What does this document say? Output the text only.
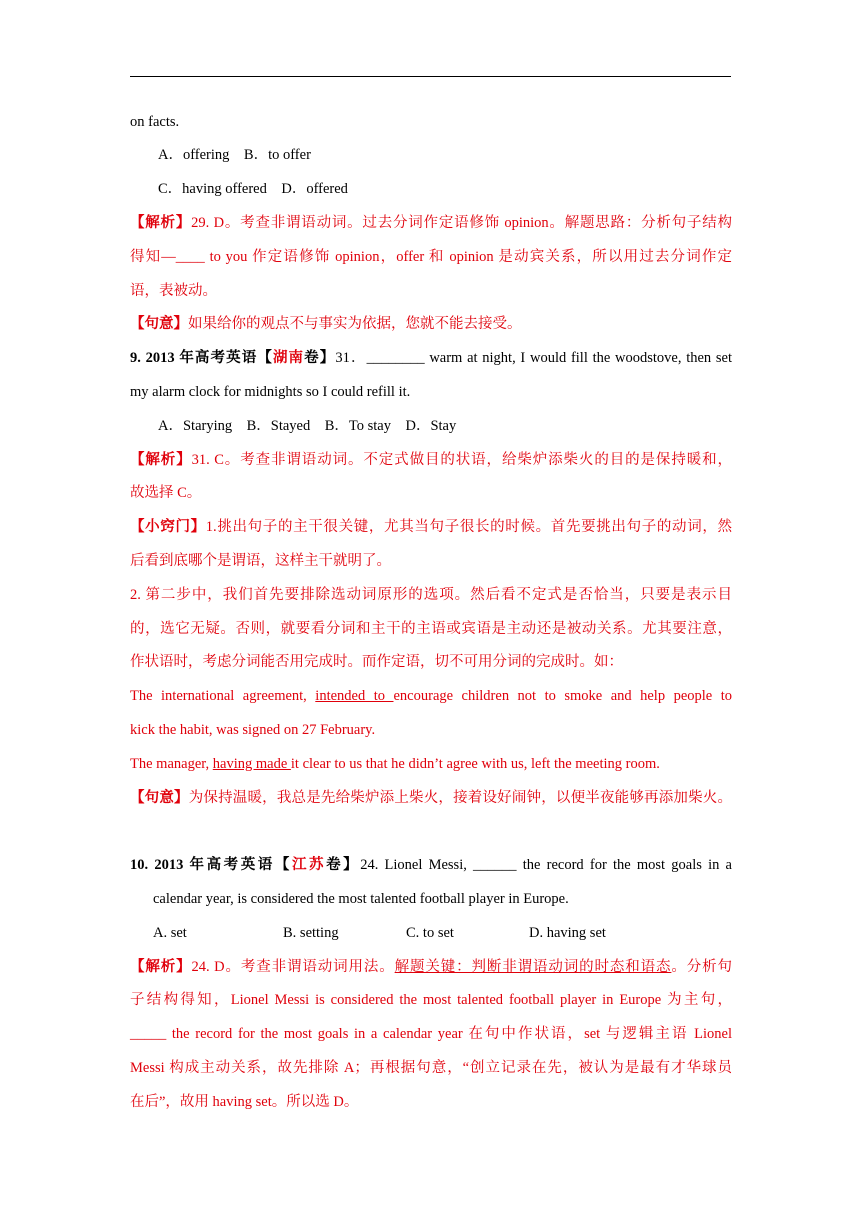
on facts.
A．offering　B．to offer
C．having offered　D．offered
【解析】29. D。考查非谓语动词。过去分词作定语修饰 opinion。解题思路：分析句子结构
得知—____ to you 作定语修饰 opinion，offer 和 opinion 是动宾关系，所以用过去分词作定
语，表被动。
【句意】如果给你的观点不与事实为依据，您就不能去接受。
9. 2013 年高考英语【湖南卷】31．________ warm at night, I would fill the woodstove, then set
my alarm clock for midnights so I could refill it.
A．Starying　B．Stayed　B．To stay　D．Stay
【解析】31. C。考查非谓语动词。不定式做目的状语，给柴炉添柴火的目的是保持暖和，
故选择 C。
【小窍门】1.挑出句子的主干很关键，尤其当句子很长的时候。首先要挑出句子的动词，然
后看到底哪个是谓语，这样主干就明了。
2. 第二步中，我们首先要排除选动词原形的选项。然后看不定式是否恰当，只要是表示目
的，选它无疑。否则，就要看分词和主干的主语或宾语是主动还是被动关系。尤其要注意，
作状语时，考虑分词能否用完成时。而作定语，切不可用分词的完成时。如：
The international agreement, intended to encourage children not to smoke and help people to
kick the habit, was signed on 27 February.
The manager, having made it clear to us that he didn’t agree with us, left the meeting room.
【句意】为保持温暖，我总是先给柴炉添上柴火，接着设好闹钟，以便半夜能够再添加柴火。
10. 2013 年高考英语【江苏卷】24. Lionel Messi, ______ the record for the most goals in a
calendar year, is considered the most talented football player in Europe.
A. set	B. setting	C. to set	D. having set
【解析】24. D。考查非谓语动词用法。解题关键：判断非谓语动词的时态和语态。分析句
子结构得知，Lionel Messi is considered the most talented football player in Europe 为主句，
_____ the record for the most goals in a calendar year 在句中作状语，set 与逻辑主语 Lionel
Messi 构成主动关系，故先排除 A；再根据句意，“创立记录在先，被认为是最有才华球员
在后”，故用 having set。所以选 D。
